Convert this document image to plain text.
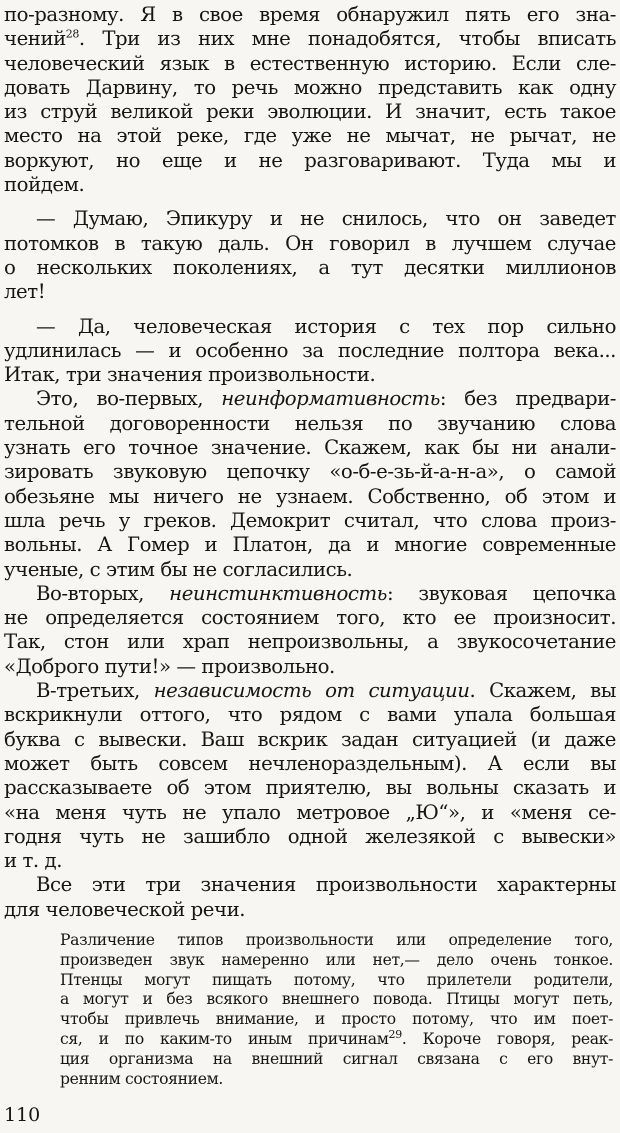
по-разному. Я в свое время обнаружил пять его зна-
чений$^{28}$. Три из них мне понадобятся, чтобы вписать
человеческий язык в естественную историю. Если сле-
довать Дарвину, то речь можно представить как одну
из струй великой реки эволюции. И значит, есть такое
место на этой реке, где уже не мычат, не рычат, не
воркуют, но еще и не разговаривают. Туда мы и
пойдем.
— Думаю, Эпикуру и не снилось, что он заведет
потомков в такую даль. Он говорил в лучшем случае
о нескольких поколениях, а тут десятки миллионов
лет!
— Да, человеческая история с тех пор сильно
удлинилась — и особенно за последние полтора века...
Итак, три значения произвольности.
Это, во-первых, неинформативность: без предвари-
тельной договоренности нельзя по звучанию слова
узнать его точное значение. Скажем, как бы ни анали-
зировать звуковую цепочку «о-б-е-зь-й-а-н-а», о самой
обезьяне мы ничего не узнаем. Собственно, об этом и
шла речь у греков. Демокрит считал, что слова произ-
вольны. А Гомер и Платон, да и многие современные
ученые, с этим бы не согласились.
Во-вторых, неинстинктивность: звуковая цепочка
не определяется состоянием того, кто ее произносит.
Так, стон или храп непроизвольны, а звукосочетание
«Доброго пути!» — произвольно.
В-третьих, независимость от ситуации. Скажем, вы
вскрикнули оттого, что рядом с вами упала большая
буква с вывески. Ваш вскрик задан ситуацией (и даже
может быть совсем нечленораздельным). А если вы
рассказываете об этом приятелю, вы вольны сказать и
«на меня чуть не упало метровое „Ю“», и «меня се-
годня чуть не зашибло одной железякой с вывески»
и т. д.
Все эти три значения произвольности характерны
для человеческой речи.
Различение типов произвольности или определение того,
произведен звук намеренно или нет,— дело очень тонкое.
Птенцы могут пищать потому, что прилетели родители,
а могут и без всякого внешнего повода. Птицы могут петь,
чтобы привлечь внимание, и просто потому, что им поет-
ся, и по каким-то иным причинам$^{29}$. Короче говоря, реак-
ция организма на внешний сигнал связана с его внут-
ренним состоянием.
110
